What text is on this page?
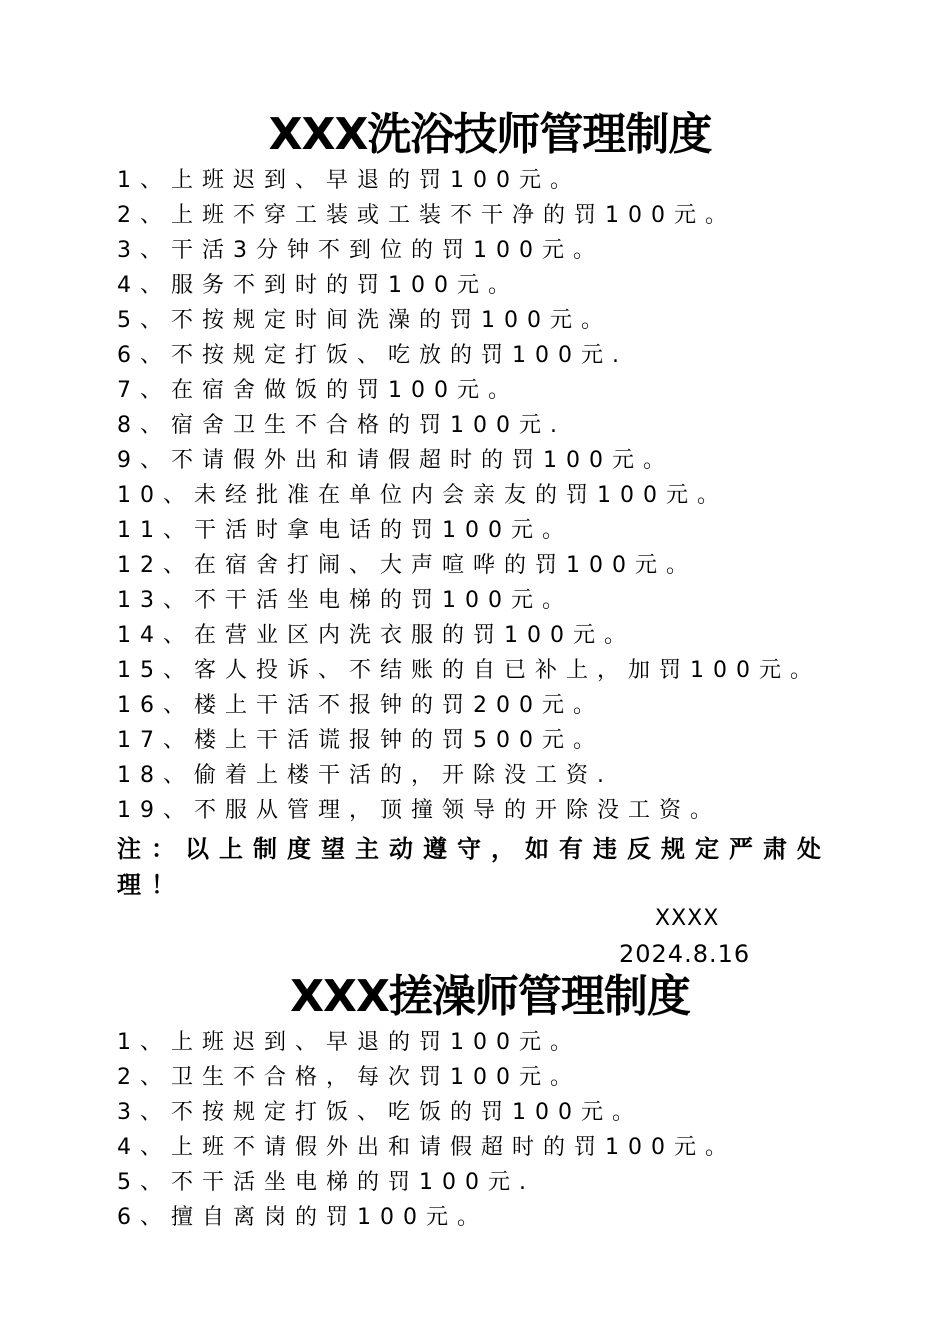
XXX洗浴技师管理制度
1、上班迟到、早退的罚100元。
2、上班不穿工装或工装不干净的罚100元。
3、干活3分钟不到位的罚100元。
4、服务不到时的罚100元。
5、不按规定时间洗澡的罚100元。
6、不按规定打饭、吃放的罚100元.
7、在宿舍做饭的罚100元。
8、宿舍卫生不合格的罚100元.
9、不请假外出和请假超时的罚100元。
10、未经批准在单位内会亲友的罚100元。
11、干活时拿电话的罚100元。
12、在宿舍打闹、大声喧哗的罚100元。
13、不干活坐电梯的罚100元。
14、在营业区内洗衣服的罚100元。
15、客人投诉、不结账的自已补上，加罚100元。
16、楼上干活不报钟的罚200元。
17、楼上干活谎报钟的罚500元。
18、偷着上楼干活的，开除没工资.
19、不服从管理，顶撞领导的开除没工资。

注：以上制度望主动遵守，如有违反规定严肃处理！

XXXX
2024.8.16
XXX搓澡师管理制度
1、上班迟到、早退的罚100元。
2、卫生不合格，每次罚100元。
3、不按规定打饭、吃饭的罚100元。
4、上班不请假外出和请假超时的罚100元。
5、不干活坐电梯的罚100元.
6、擅自离岗的罚100元。
